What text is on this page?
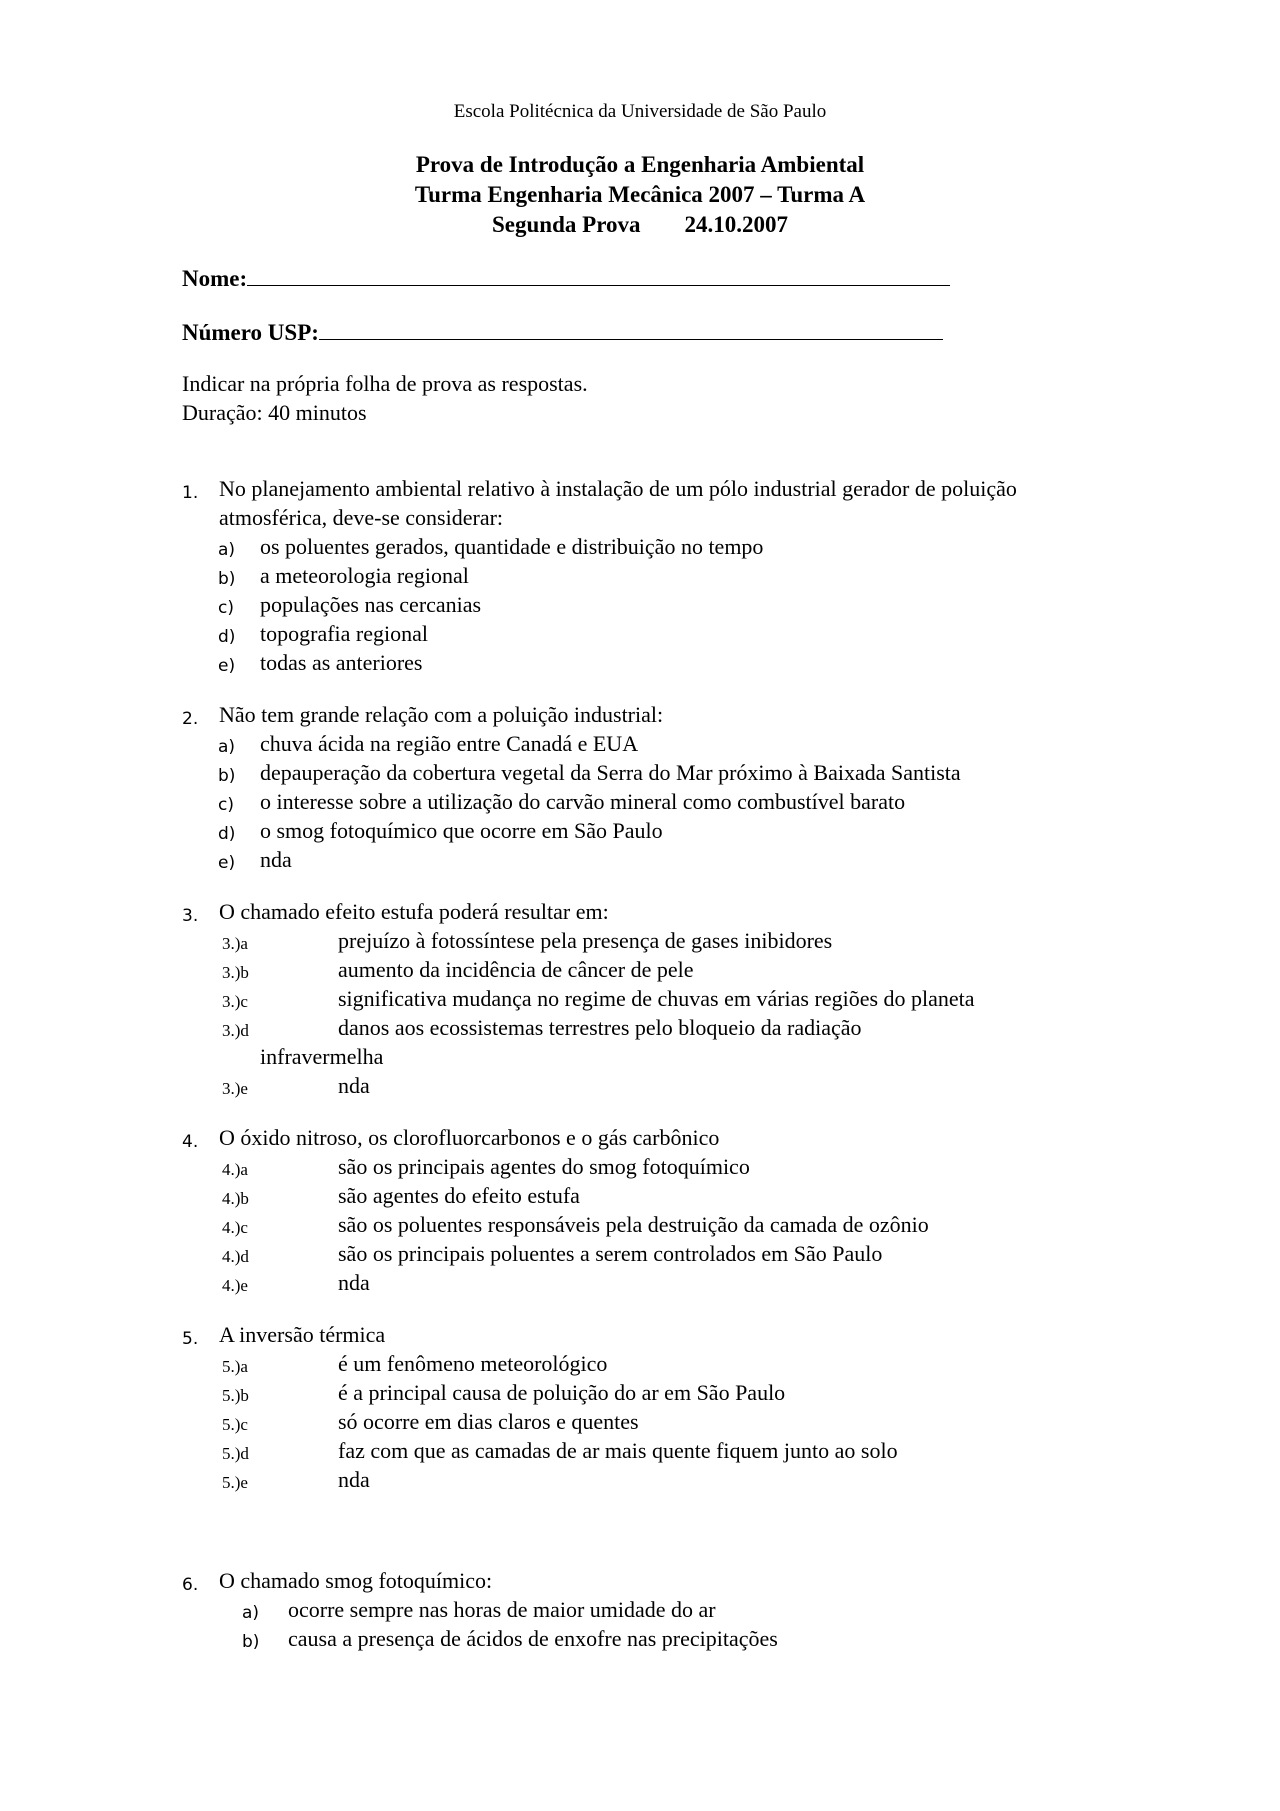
Escola Politécnica da Universidade de São Paulo
Prova de Introdução a Engenharia Ambiental
Turma Engenharia Mecânica 2007 – Turma A
Segunda Prova 24.10.2007
Nome:
Número USP:
Indicar na própria folha de prova as respostas.
Duração: 40 minutos
1. No planejamento ambiental relativo à instalação de um pólo industrial gerador de poluição atmosférica, deve-se considerar:
a) os poluentes gerados, quantidade e distribuição no tempo
b) a meteorologia regional
c) populações nas cercanias
d) topografia regional
e) todas as anteriores
2. Não tem grande relação com a poluição industrial:
a) chuva ácida na região entre Canadá e EUA
b) depauperação da cobertura vegetal da Serra do Mar próximo à Baixada Santista
c) o interesse sobre a utilização do carvão mineral como combustível barato
d) o smog fotoquímico que ocorre em São Paulo
e) nda
3. O chamado efeito estufa poderá resultar em:
3.)a	prejuízo à fotossíntese pela presença de gases inibidores
3.)b	aumento da incidência de câncer de pele
3.)c	significativa mudança no regime de chuvas em várias regiões do planeta
3.)d	danos aos ecossistemas terrestres pelo bloqueio da radiação
infravermelha
3.)e	nda
4. O óxido nitroso, os clorofluorcarbonos e o gás carbônico
4.)a	são os principais agentes do smog fotoquímico
4.)b	são agentes do efeito estufa
4.)c	são os poluentes responsáveis pela destruição da camada de ozônio
4.)d	são os principais poluentes a serem controlados em São Paulo
4.)e	nda
5. A inversão térmica
5.)a	é um fenômeno meteorológico
5.)b	é a principal causa de poluição do ar em São Paulo
5.)c	só ocorre em dias claros e quentes
5.)d	faz com que as camadas de ar mais quente fiquem junto ao solo
5.)e	nda
6. O chamado smog fotoquímico:
a) ocorre sempre nas horas de maior umidade do ar
b) causa a presença de ácidos de enxofre nas precipitações
